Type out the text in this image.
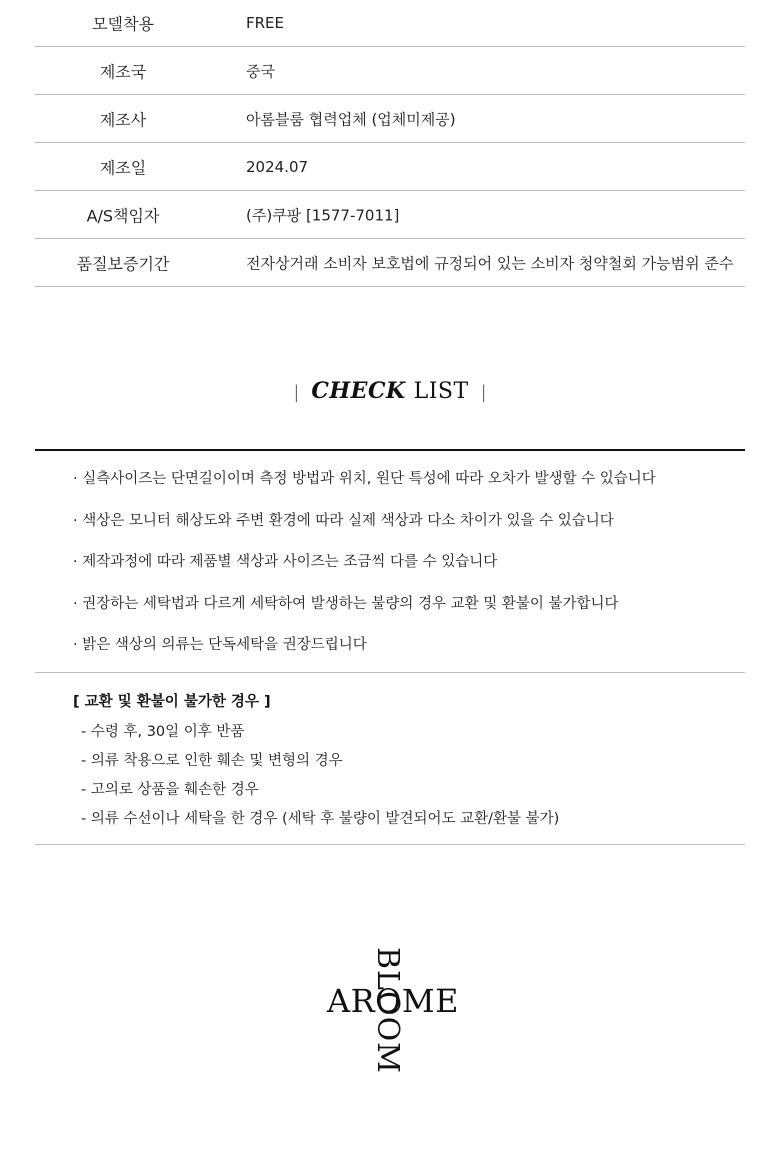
모델착용	FREE
제조국	중국
제조사	아롬블룸 협력업체 (업체미제공)
제조일	2024.07
A/S책임자	(주)쿠팡 [1577-7011]
품질보증기간	전자상거래 소비자 보호법에 규정되어 있는 소비자 청약철회 가능범위 준수
| CHECK LIST |
· 실측사이즈는 단면길이이며 측정 방법과 위치, 원단 특성에 따라 오차가 발생할 수 있습니다
· 색상은 모니터 해상도와 주변 환경에 따라 실제 색상과 다소 차이가 있을 수 있습니다
· 제작과정에 따라 제품별 색상과 사이즈는 조금씩 다를 수 있습니다
· 권장하는 세탁법과 다르게 세탁하여 발생하는 불량의 경우 교환 및 환불이 불가합니다
· 밝은 색상의 의류는 단독세탁을 권장드립니다
[ 교환 및 환불이 불가한 경우 ]
- 수령 후, 30일 이후 반품
- 의류 착용으로 인한 훼손 및 변형의 경우
- 고의로 상품을 훼손한 경우
- 의류 수선이나 세탁을 한 경우 (세탁 후 불량이 발견되어도 교환/환불 불가)
AROME
BLOOM
